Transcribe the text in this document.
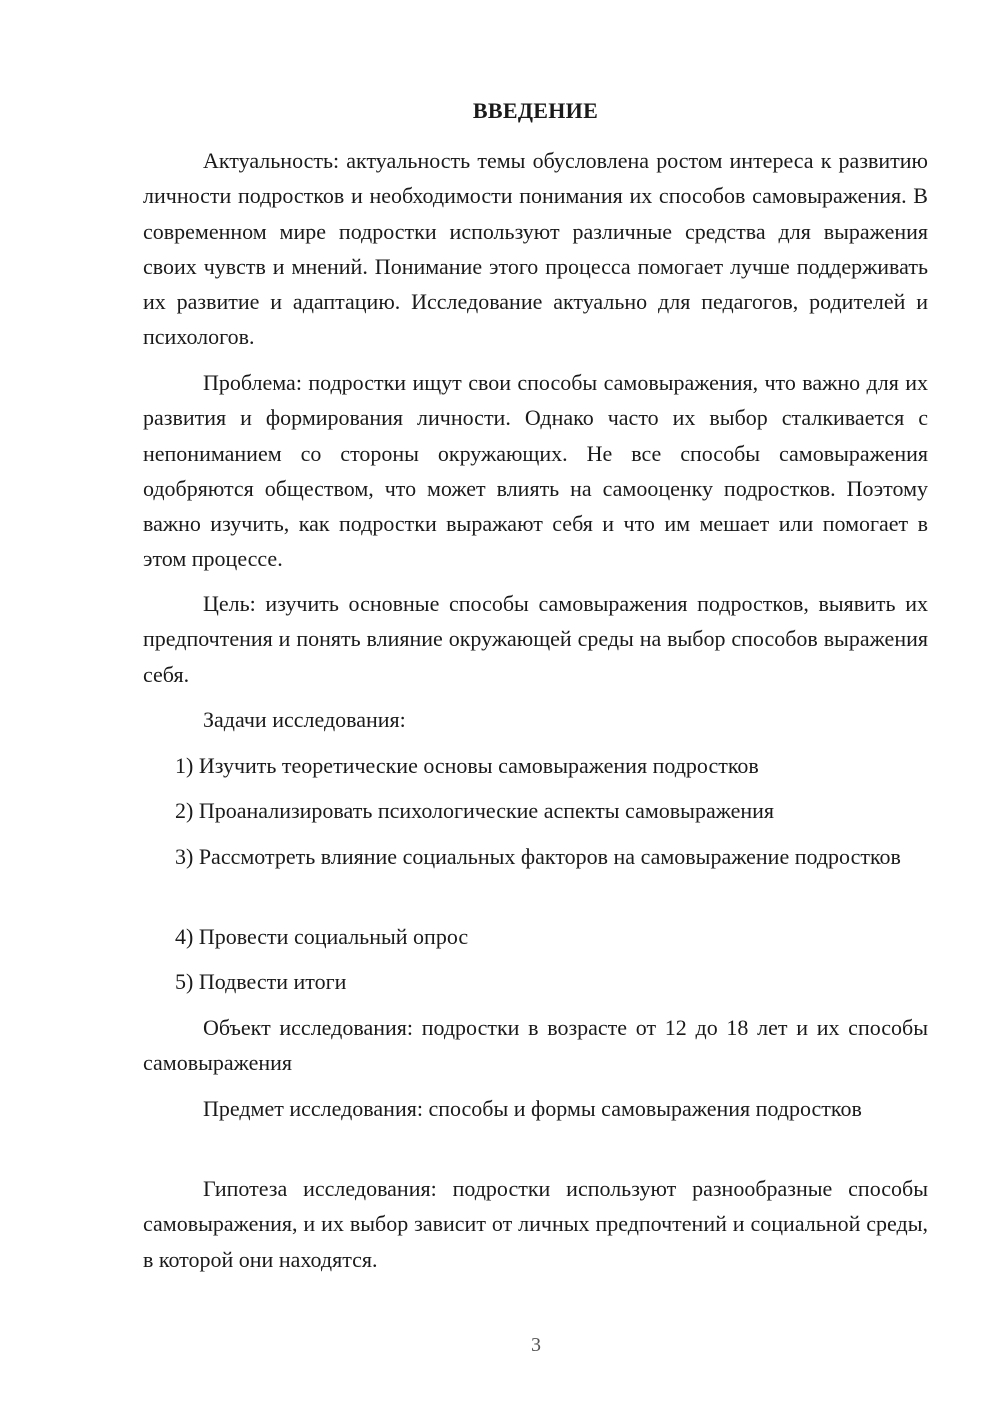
ВВЕДЕНИЕ

Актуальность: актуальность темы обусловлена ростом интереса к развитию личности подростков и необходимости понимания их способов самовыражения. В современном мире подростки используют различные средства для выражения своих чувств и мнений. Понимание этого процесса помогает лучше поддерживать их развитие и адаптацию. Исследование актуально для педагогов, родителей и психологов.

Проблема: подростки ищут свои способы самовыражения, что важно для их развития и формирования личности. Однако часто их выбор сталкивается с непониманием со стороны окружающих. Не все способы самовыражения одобряются обществом, что может влиять на самооценку подростков. Поэтому важно изучить, как подростки выражают себя и что им мешает или помогает в этом процессе.

Цель: изучить основные способы самовыражения подростков, выявить их предпочтения и понять влияние окружающей среды на выбор способов выражения себя.

Задачи исследования:

1) Изучить теоретические основы самовыражения подростков

2) Проанализировать психологические аспекты самовыражения

3) Рассмотреть влияние социальных факторов на самовыражение подростков

4) Провести социальный опрос

5) Подвести итоги

Объект исследования: подростки в возрасте от 12 до 18 лет и их способы самовыражения

Предмет исследования: способы и формы самовыражения подростков

Гипотеза исследования: подростки используют разнообразные способы самовыражения, и их выбор зависит от личных предпочтений и социальной среды, в которой они находятся.

3
